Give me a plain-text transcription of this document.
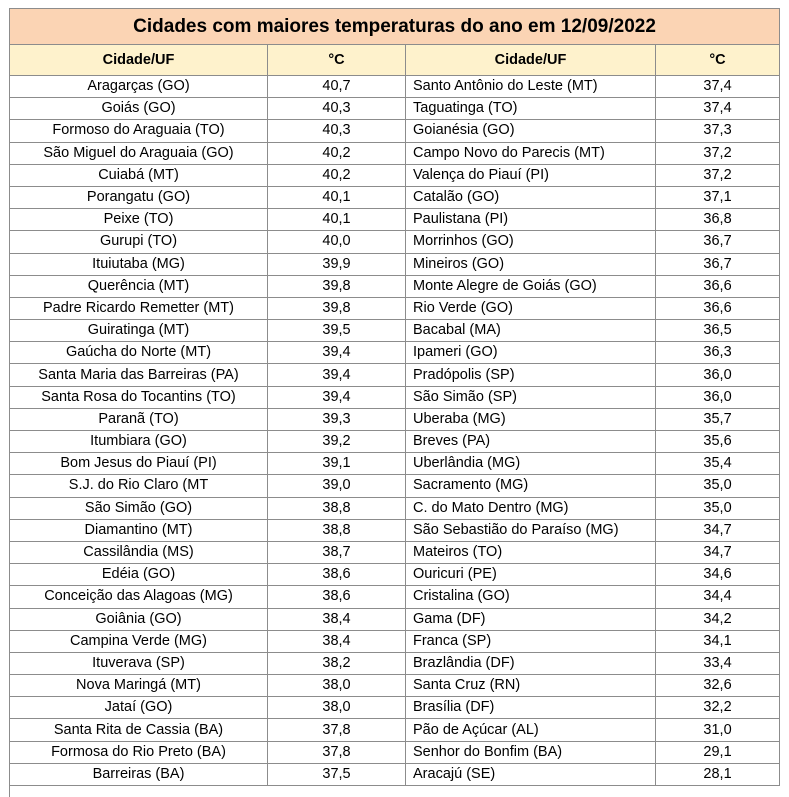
Cidades com maiores temperaturas do ano em 12/09/2022			
Cidade/UF	°C	Cidade/UF	°C
Aragarças (GO)	40,7	Santo Antônio do Leste (MT)	37,4
Goiás (GO)	40,3	Taguatinga (TO)	37,4
Formoso do Araguaia (TO)	40,3	Goianésia (GO)	37,3
São Miguel do Araguaia (GO)	40,2	Campo Novo do Parecis (MT)	37,2
Cuiabá (MT)	40,2	Valença do Piauí (PI)	37,2
Porangatu (GO)	40,1	Catalão (GO)	37,1
Peixe (TO)	40,1	Paulistana (PI)	36,8
Gurupi (TO)	40,0	Morrinhos (GO)	36,7
Ituiutaba (MG)	39,9	Mineiros (GO)	36,7
Querência (MT)	39,8	Monte Alegre de Goiás (GO)	36,6
Padre Ricardo Remetter (MT)	39,8	Rio Verde (GO)	36,6
Guiratinga (MT)	39,5	Bacabal (MA)	36,5
Gaúcha do Norte (MT)	39,4	Ipameri (GO)	36,3
Santa Maria das Barreiras (PA)	39,4	Pradópolis (SP)	36,0
Santa Rosa do Tocantins (TO)	39,4	São Simão (SP)	36,0
Paranã (TO)	39,3	Uberaba (MG)	35,7
Itumbiara (GO)	39,2	Breves (PA)	35,6
Bom Jesus do Piauí (PI)	39,1	Uberlândia (MG)	35,4
S.J. do Rio Claro (MT	39,0	Sacramento (MG)	35,0
São Simão (GO)	38,8	C. do Mato Dentro (MG)	35,0
Diamantino (MT)	38,8	São Sebastião do Paraíso (MG)	34,7
Cassilândia (MS)	38,7	Mateiros (TO)	34,7
Edéia (GO)	38,6	Ouricuri (PE)	34,6
Conceição das Alagoas (MG)	38,6	Cristalina (GO)	34,4
Goiânia (GO)	38,4	Gama (DF)	34,2
Campina Verde (MG)	38,4	Franca (SP)	34,1
Ituverava (SP)	38,2	Brazlândia (DF)	33,4
Nova Maringá (MT)	38,0	Santa Cruz (RN)	32,6
Jataí (GO)	38,0	Brasília (DF)	32,2
Santa Rita de Cassia (BA)	37,8	Pão de Açúcar (AL)	31,0
Formosa do Rio Preto (BA)	37,8	Senhor do Bonfim (BA)	29,1
Barreiras (BA)	37,5	Aracajú (SE)	28,1
